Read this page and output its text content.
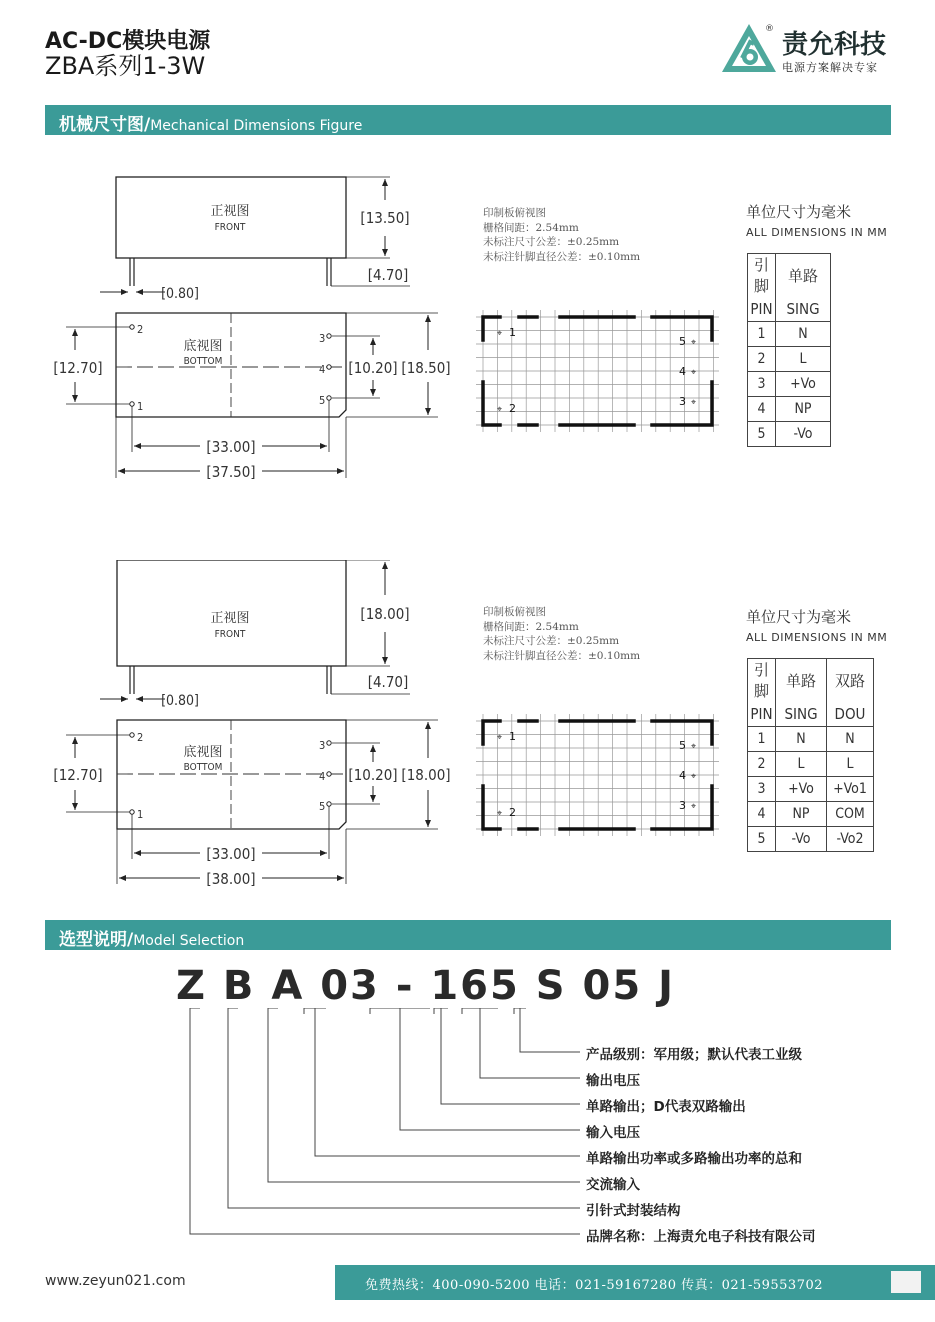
AC-DC模块电源
ZBA系列1-3W
责允科技
®
电源方案解决专家
机械尺寸图/Mechanical Dimensions Figure
正视图
FRONT
[13.50]
[4.70]
[0.80]
底视图
BOTTOM
2
1
3
4
5
[12.70]	[10.20] [18.50]
[33.00]
[37.50]
印制板俯视图
栅格间距：2.54mm
未标注尺寸公差：±0.25mm
未标注针脚直径公差：±0.10mm
⌖ 1
⌖ 2
5 ⌖
4 ⌖
3 ⌖
单位尺寸为毫米
ALL DIMENSIONS IN MM
引脚	单路
PIN	SING
1	N
2	L
3	+Vo
4	NP
5	-Vo
正视图
FRONT
[18.00]
[4.70]
[0.80]
底视图
BOTTOM
2
1
3
4
5
[12.70]	[10.20] [18.00]
[33.00]
[38.00]
印制板俯视图
栅格间距：2.54mm
未标注尺寸公差：±0.25mm
未标注针脚直径公差：±0.10mm
⌖ 1
⌖ 2
5 ⌖
4 ⌖
3 ⌖
单位尺寸为毫米
ALL DIMENSIONS IN MM
引脚	单路	双路
PIN	SING	DOU
1	N	N
2	L	L
3	+Vo	+Vo1
4	NP	COM
5	-Vo	-Vo2
选型说明/Model Selection
Z B A 03 - 165 S 05 J
产品级别：军用级；默认代表工业级
输出电压
单路输出；D代表双路输出
输入电压
单路输出功率或多路输出功率的总和
交流输入
引针式封装结构
品牌名称：上海责允电子科技有限公司
www.zeyun021.com	免费热线：400-090-5200 电话：021-59167280 传真：021-59553702
